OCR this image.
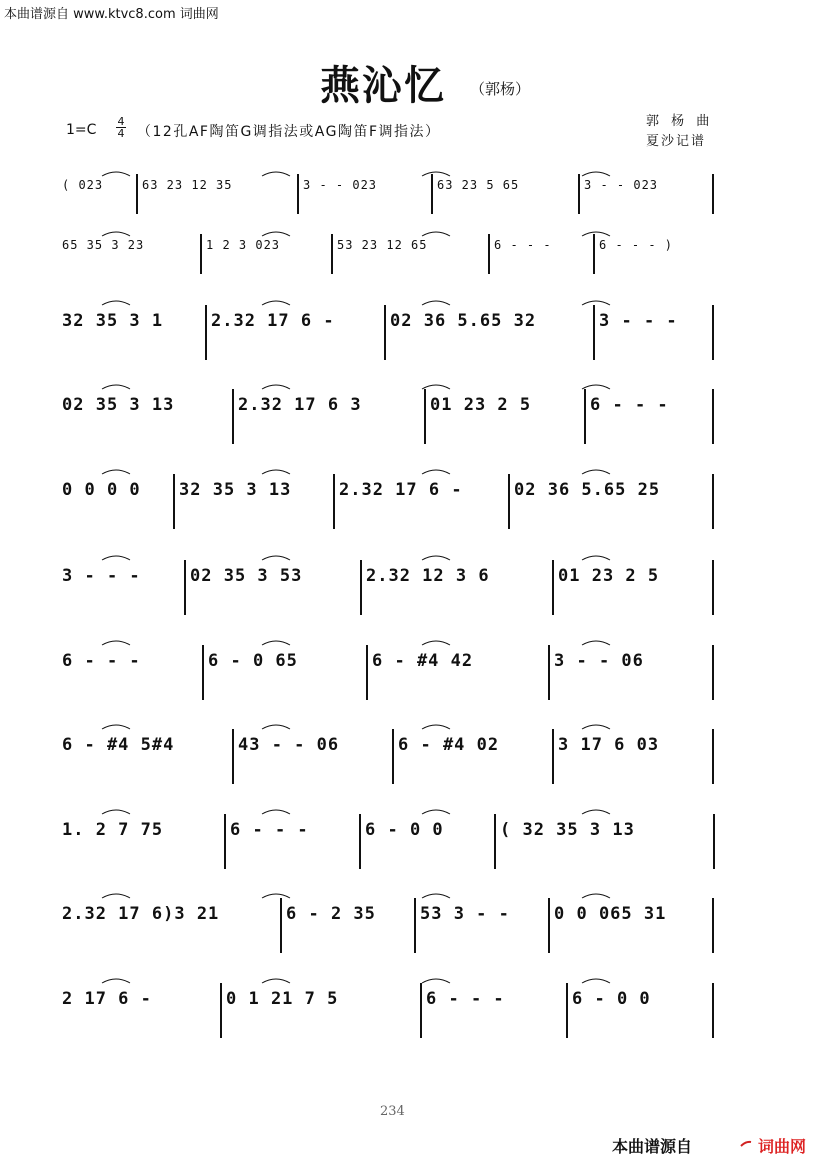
本曲谱源自 www.ktvc8.com 词曲网
燕沁忆 （郭杨）
1=C
4
4 （12孔AF陶笛G调指法或AG陶笛F调指法）
郭 杨 曲
夏沙记谱
( 023	63 23 12 35	3 - - 023	63 23 5 65	3 - - 023
65 35 3 23	1 2 3 023	53 23 12 65	6 - - -	6 - - - )
32 35 3 1	2.32 17 6 -	02 36 5.65 32	3 - - -
02 35 3 13	2.32 17 6 3	01 23 2 5	6 - - -
0 0 0 0 32 35 3 13	2.32 17 6 -	02 36 5.65 25
3 - - -	02 35 3 53	2.32 12 3 6	01 23 2 5
6 - - -	6 - 0 65	6 - #4 42	3 - - 06
6 - #4 5#4	43 - - 06	6 - #4 02	3 17 6 03
1. 2 7 75	6 - - -	6 - 0 0	( 32 35 3 13
2.32 17 6)3 21	6 - 2 35	53 3 - -	0 0 065 31
2 17 6 -	0 1 21 7 5	6 - - -	6 - 0 0
234
本曲谱源自	词曲网
